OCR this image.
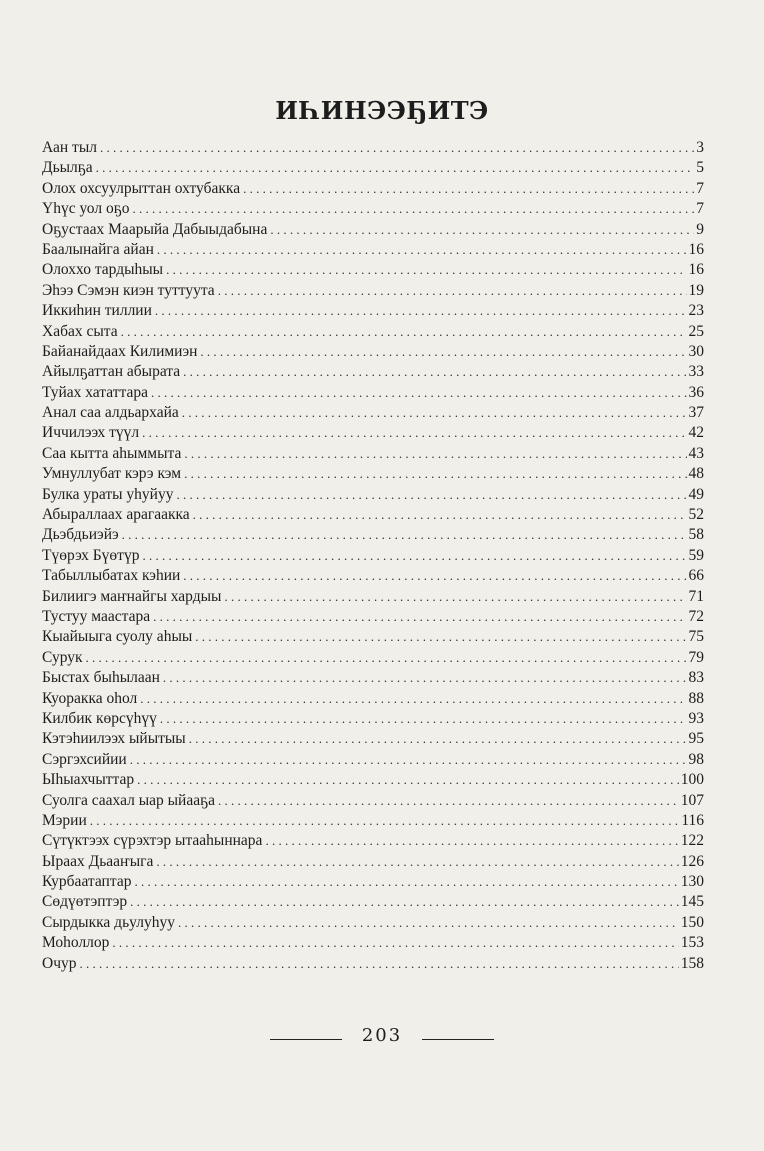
ИҺИНЭЭҔИТЭ
Аан тыл . . .	3
Дьылҕа . . .	5
Олох охсуулрыттан охтубакка . . .	7
Үһүс уол оҕо . . .	7
Оҕустаах Маарыйа Дабыыдабына . . .	9
Баалынайга айан . . .	16
Олоххо тардыһыы . . .	16
Эһээ Сэмэн киэн туттуута . . .	19
Иккиһин тиллии . . .	23
Хабах сыта . . .	25
Байанайдаах Килимиэн . . .	30
Айылҕаттан абырата . . .	33
Туйах хататтара . . .	36
Анал саа алдьархайа . . .	37
Иччилээх түүл . . .	42
Саа кытта аһыммыта . . .	43
Умнуллубат кэрэ кэм . . .	48
Булка ураты уһуйуу . . .	49
Абыраллаах арагаакка . . .	52
Дьэбдьиэйэ . . .	58
Түөрэх Бүөтүр . . .	59
Табыллыбатах кэһии . . .	66
Билиигэ маҥнайгы хардыы . . .	71
Тустуу маастара . . .	72
Кыайыыга суолу аһыы . . .	75
Сурук . . .	79
Быстах быһылаан . . .	83
Куоракка оһол . . .	88
Килбик көрсүһүү . . .	93
Кэтэһиилээх ыйытыы . . .	95
Сэргэхсийии . . .	98
Ыһыахчыттар . . .	100
Суолга саахал ыар ыйааҕа . . .	107
Мэрии . . .	116
Сүтүктээх сүрэхтэр ытааһыннара . . .	122
Ыраах Дьааҥыга . . .	126
Курбаатаптар . . .	130
Сөдүөтэптэр . . .	145
Сырдыкка дьулуһуу . . .	150
Моһоллор . . .	153
Очур . . .	158
203
